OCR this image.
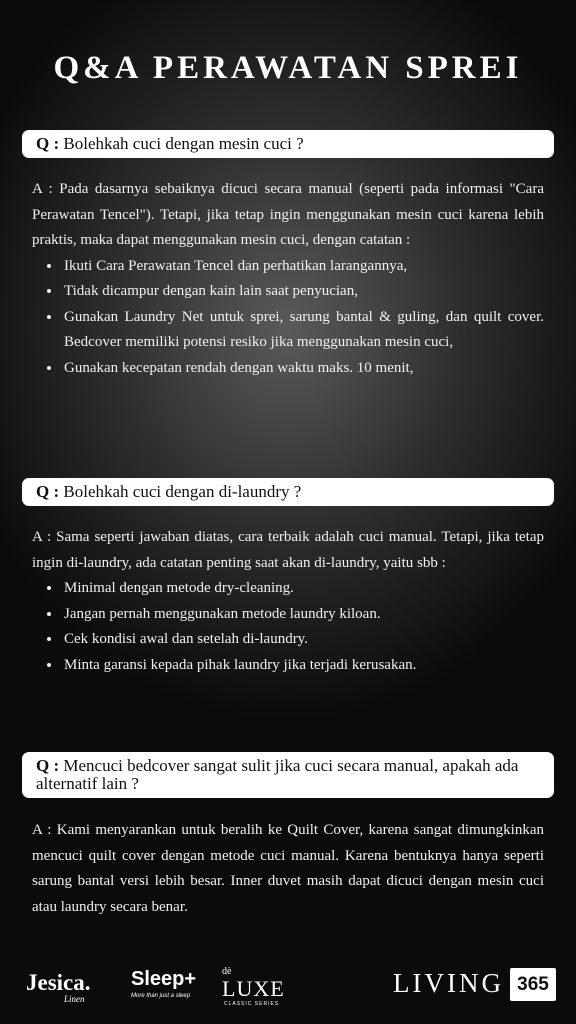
Q&A PERAWATAN SPREI
Q : Bolehkah cuci dengan mesin cuci ?
A : Pada dasarnya sebaiknya dicuci secara manual (seperti pada informasi "Cara Perawatan Tencel"). Tetapi, jika tetap ingin menggunakan mesin cuci karena lebih praktis, maka dapat menggunakan mesin cuci, dengan catatan :
• Ikuti Cara Perawatan Tencel dan perhatikan larangannya,
• Tidak dicampur dengan kain lain saat penyucian,
• Gunakan Laundry Net untuk sprei, sarung bantal & guling, dan quilt cover. Bedcover memiliki potensi resiko jika menggunakan mesin cuci,
• Gunakan kecepatan rendah dengan waktu maks. 10 menit,
Q : Bolehkah cuci dengan di-laundry ?
A : Sama seperti jawaban diatas, cara terbaik adalah cuci manual. Tetapi, jika tetap ingin di-laundry, ada catatan penting saat akan di-laundry, yaitu sbb :
• Minimal dengan metode dry-cleaning.
• Jangan pernah menggunakan metode laundry kiloan.
• Cek kondisi awal dan setelah di-laundry.
• Minta garansi kepada pihak laundry jika terjadi kerusakan.
Q : Mencuci bedcover sangat sulit jika cuci secara manual, apakah ada alternatif lain ?
A : Kami menyarankan untuk beralih ke Quilt Cover, karena sangat dimungkinkan mencuci quilt cover dengan metode cuci manual. Karena bentuknya hanya seperti sarung bantal versi lebih besar. Inner duvet masih dapat dicuci dengan mesin cuci atau laundry secara benar.
Jesica.
Linen
Sleep+
More than just a sleep
dè
LUXE
CLASSIC SERIES
LIVING 365
